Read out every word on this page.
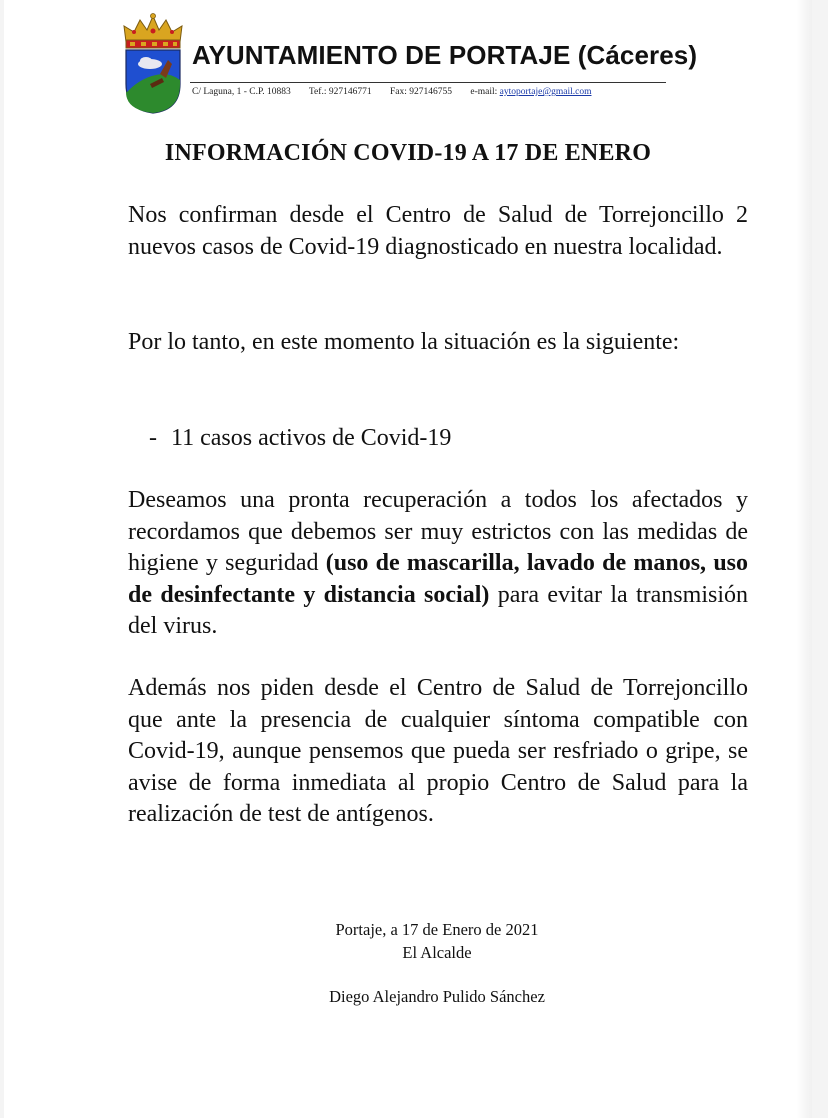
AYUNTAMIENTO DE PORTAJE (Cáceres)
C/ Laguna, 1 - C.P. 10883 Tef.: 927146771 Fax: 927146755 e-mail: aytoportaje@gmail.com
INFORMACIÓN COVID-19 A 17 DE ENERO
Nos confirman desde el Centro de Salud de Torrejoncillo 2 nuevos casos de Covid-19 diagnosticado en nuestra localidad.
Por lo tanto, en este momento la situación es la siguiente:
- 11 casos activos de Covid-19
Deseamos una pronta recuperación a todos los afectados y recordamos que debemos ser muy estrictos con las medidas de higiene y seguridad (uso de mascarilla, lavado de manos, uso de desinfectante y distancia social) para evitar la transmisión del virus.
Además nos piden desde el Centro de Salud de Torrejoncillo que ante la presencia de cualquier síntoma compatible con Covid-19, aunque pensemos que pueda ser resfriado o gripe, se avise de forma inmediata al propio Centro de Salud para la realización de test de antígenos.
Portaje, a 17 de Enero de 2021
El Alcalde
Diego Alejandro Pulido Sánchez
